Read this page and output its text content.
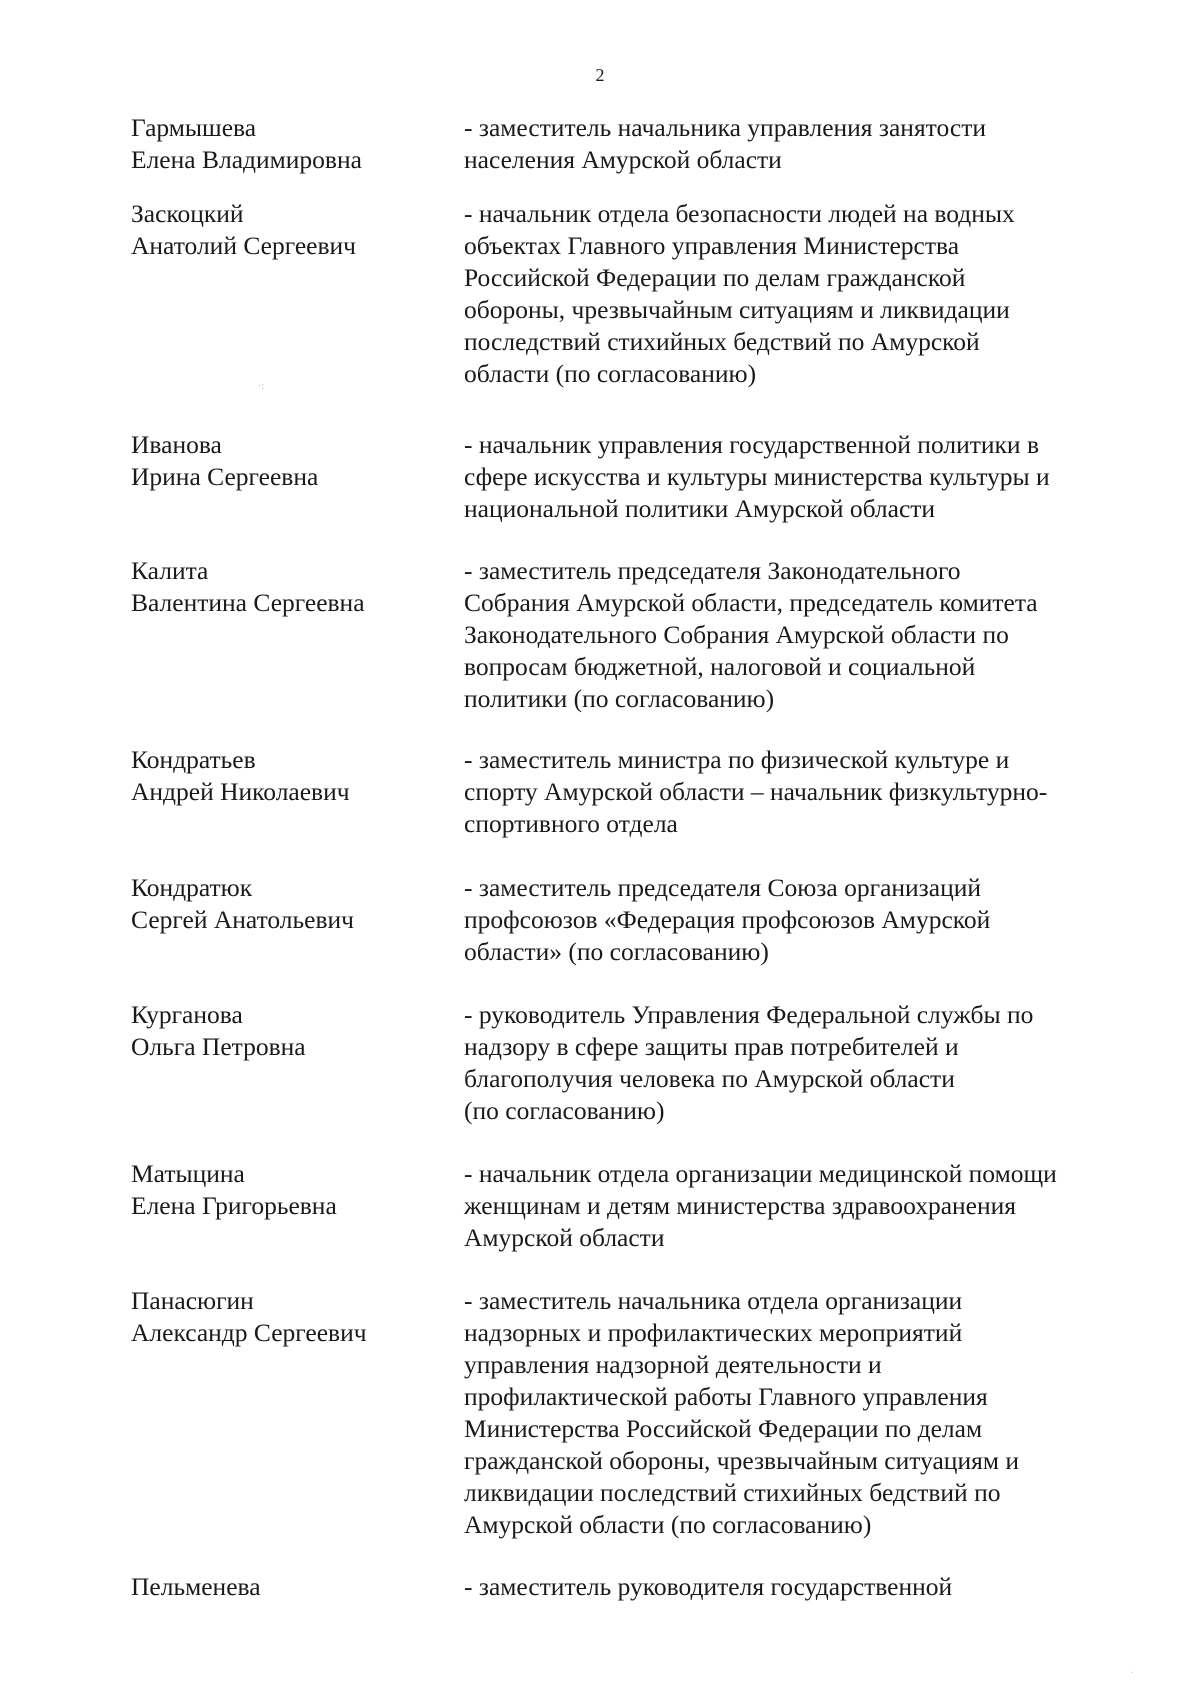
2
Гармышева
Елена Владимировна
- заместитель начальника управления занятости
населения Амурской области
Заскоцкий
Анатолий Сергеевич
- начальник отдела безопасности людей на водных
объектах Главного управления Министерства
Российской Федерации по делам гражданской
обороны, чрезвычайным ситуациям и ликвидации
последствий стихийных бедствий по Амурской
области (по согласованию)
Иванова
Ирина Сергеевна
- начальник управления государственной политики в
сфере искусства и культуры министерства культуры и
национальной политики Амурской области
Калита
Валентина Сергеевна
- заместитель председателя Законодательного
Собрания Амурской области, председатель комитета
Законодательного Собрания Амурской области по
вопросам бюджетной, налоговой и социальной
политики (по согласованию)
Кондратьев
Андрей Николаевич
- заместитель министра по физической культуре и
спорту Амурской области – начальник физкультурно-
спортивного отдела
Кондратюк
Сергей Анатольевич
- заместитель председателя Союза организаций
профсоюзов «Федерация профсоюзов Амурской
области» (по согласованию)
Курганова
Ольга Петровна
- руководитель Управления Федеральной службы по
надзору в сфере защиты прав потребителей и
благополучия человека по Амурской области
(по согласованию)
Матыцина
Елена Григорьевна
- начальник отдела организации медицинской помощи
женщинам и детям министерства здравоохранения
Амурской области
Панасюгин
Александр Сергеевич
- заместитель начальника отдела организации
надзорных и профилактических мероприятий
управления надзорной деятельности и
профилактической работы Главного управления
Министерства Российской Федерации по делам
гражданской обороны, чрезвычайным ситуациям и
ликвидации последствий стихийных бедствий по
Амурской области (по согласованию)
Пельменева	- заместитель руководителя государственной
·:
·
